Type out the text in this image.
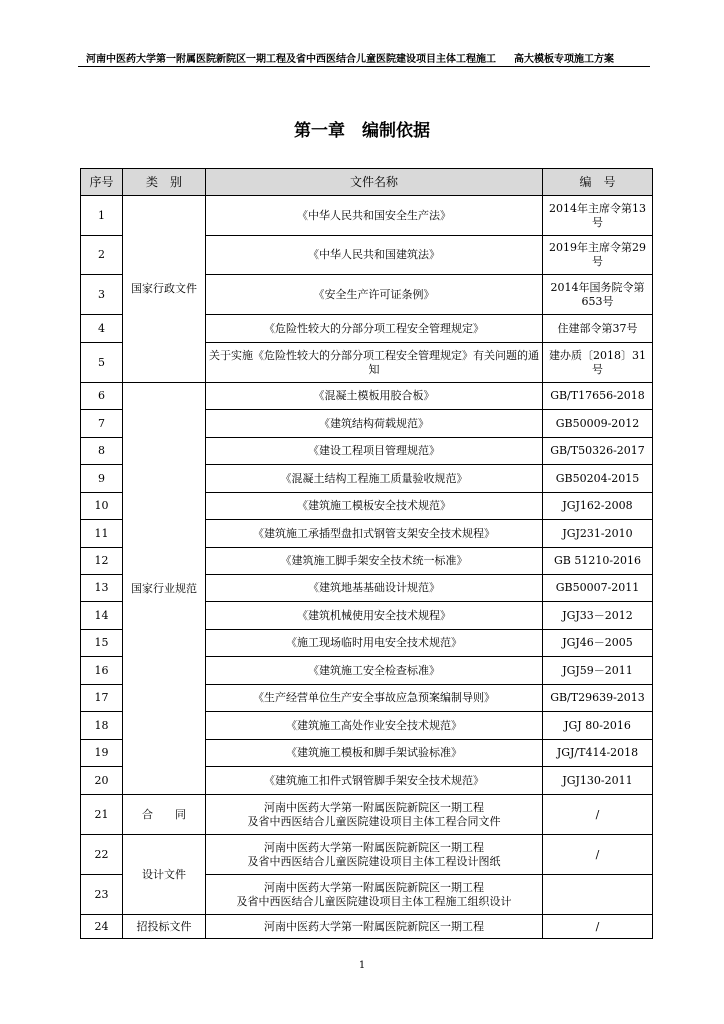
河南中医药大学第一附属医院新院区一期工程及省中西医结合儿童医院建设项目主体工程施工 高大模板专项施工方案
第一章　编制依据
序号	类　别	文件名称	编　号
1	国家行政文件	《中华人民共和国安全生产法》	2014年主席令第13号
2		《中华人民共和国建筑法》	2019年主席令第29号
3		《安全生产许可证条例》	2014年国务院令第653号
4		《危险性较大的分部分项工程安全管理规定》	住建部令第37号
5		关于实施《危险性较大的分部分项工程安全管理规定》有关问题的通知	建办质〔2018〕31号
6	国家行业规范	《混凝土模板用胶合板》	GB/T17656-2018
7		《建筑结构荷载规范》	GB50009-2012
8		《建设工程项目管理规范》	GB/T50326-2017
9		《混凝土结构工程施工质量验收规范》	GB50204-2015
10		《建筑施工模板安全技术规范》	JGJ162-2008
11		《建筑施工承插型盘扣式钢管支架安全技术规程》	JGJ231-2010
12		《建筑施工脚手架安全技术统一标准》	GB 51210-2016
13		《建筑地基基础设计规范》	GB50007-2011
14		《建筑机械使用安全技术规程》	JGJ33－2012
15		《施工现场临时用电安全技术规范》	JGJ46－2005
16		《建筑施工安全检查标准》	JGJ59－2011
17		《生产经营单位生产安全事故应急预案编制导则》	GB/T29639-2013
18		《建筑施工高处作业安全技术规范》	JGJ 80-2016
19		《建筑施工模板和脚手架试验标准》	JGJ/T414-2018
20		《建筑施工扣件式钢管脚手架安全技术规范》	JGJ130-2011
21	合　　同	河南中医药大学第一附属医院新院区一期工程
及省中西医结合儿童医院建设项目主体工程合同文件	/
22	设计文件	河南中医药大学第一附属医院新院区一期工程
及省中西医结合儿童医院建设项目主体工程设计图纸	/
23		河南中医药大学第一附属医院新院区一期工程
及省中西医结合儿童医院建设项目主体工程施工组织设计	

24	招投标文件	河南中医药大学第一附属医院新院区一期工程	/
1
